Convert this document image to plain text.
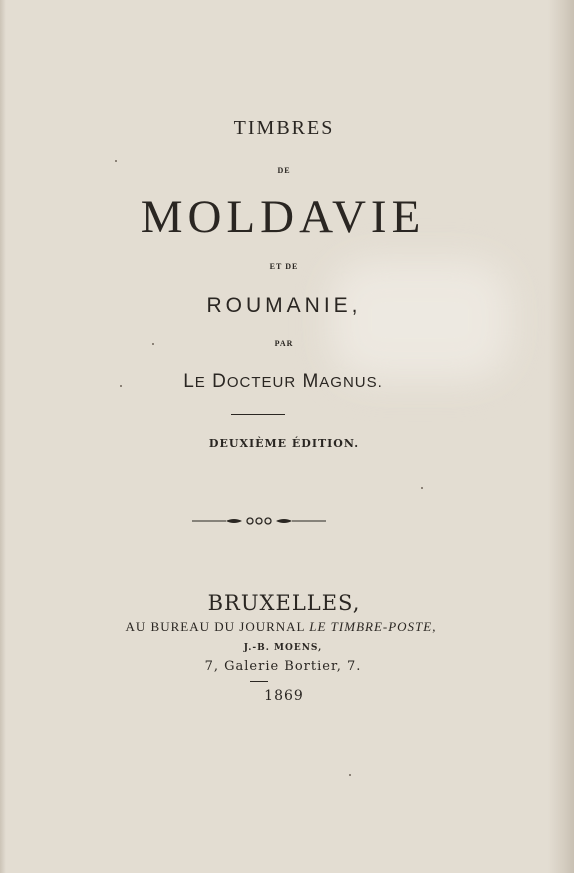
TIMBRES

DE

MOLDAVIE

ET DE

ROUMANIE,

PAR

LE DOCTEUR MAGNUS.

DEUXIÈME ÉDITION.

BRUXELLES,

AU BUREAU DU JOURNAL LE TIMBRE-POSTE,

J.-B. MOENS,

7, Galerie Bortier, 7.

1869
